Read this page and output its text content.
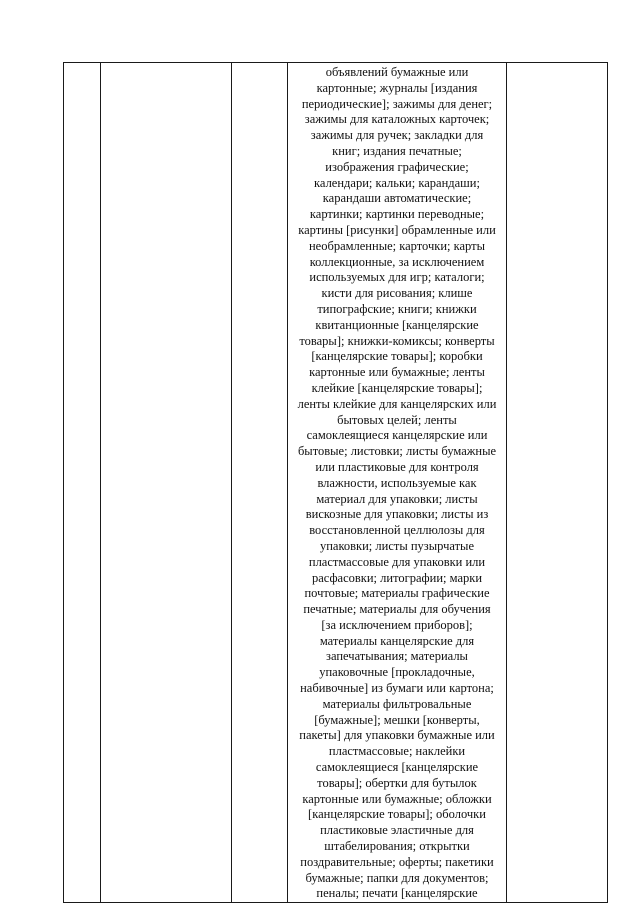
объявлений бумажные или
картонные; журналы [издания
периодические]; зажимы для денег;
зажимы для каталожных карточек;
зажимы для ручек; закладки для
книг; издания печатные;
изображения графические;
календари; кальки; карандаши;
карандаши автоматические;
картинки; картинки переводные;
картины [рисунки] обрамленные или
необрамленные; карточки; карты
коллекционные, за исключением
используемых для игр; каталоги;
кисти для рисования; клише
типографские; книги; книжки
квитанционные [канцелярские
товары]; книжки-комиксы; конверты
[канцелярские товары]; коробки
картонные или бумажные; ленты
клейкие [канцелярские товары];
ленты клейкие для канцелярских или
бытовых целей; ленты
самоклеящиеся канцелярские или
бытовые; листовки; листы бумажные
или пластиковые для контроля
влажности, используемые как
материал для упаковки; листы
вискозные для упаковки; листы из
восстановленной целлюлозы для
упаковки; листы пузырчатые
пластмассовые для упаковки или
расфасовки; литографии; марки
почтовые; материалы графические
печатные; материалы для обучения
[за исключением приборов];
материалы канцелярские для
запечатывания; материалы
упаковочные [прокладочные,
набивочные] из бумаги или картона;
материалы фильтровальные
[бумажные]; мешки [конверты,
пакеты] для упаковки бумажные или
пластмассовые; наклейки
самоклеящиеся [канцелярские
товары]; обертки для бутылок
картонные или бумажные; обложки
[канцелярские товары]; оболочки
пластиковые эластичные для
штабелирования; открытки
поздравительные; оферты; пакетики
бумажные; папки для документов;
пеналы; печати [канцелярские
